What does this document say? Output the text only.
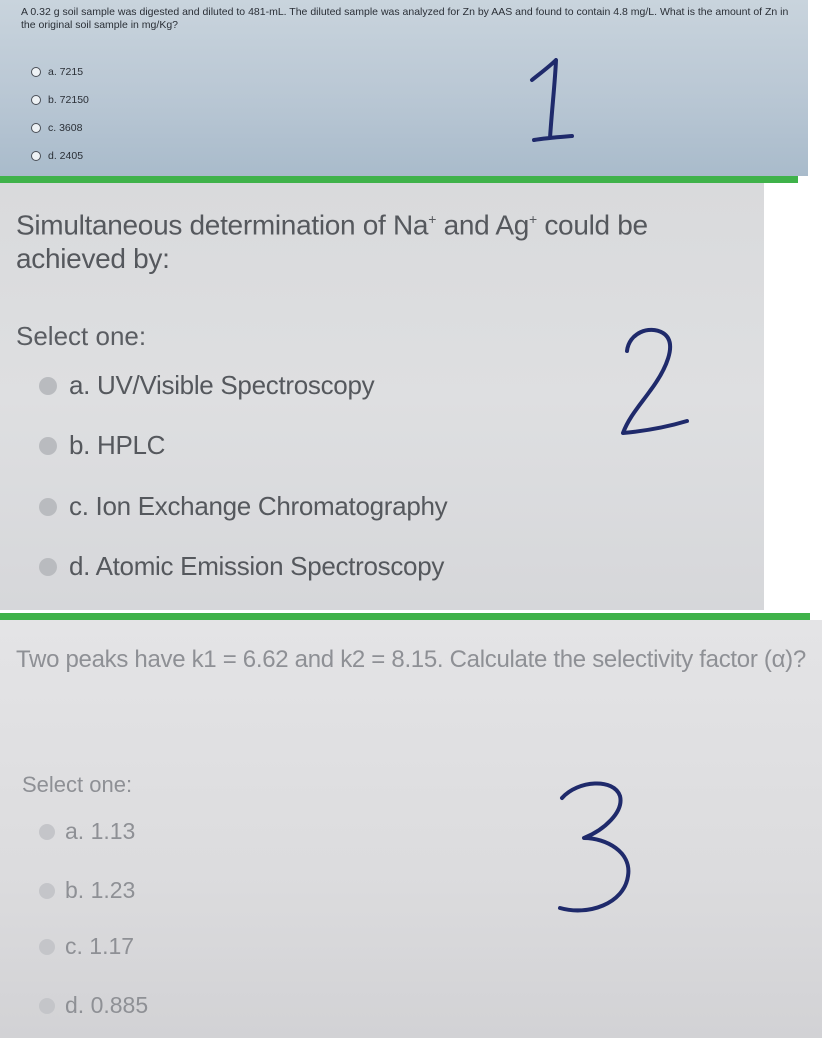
A 0.32 g soil sample was digested and diluted to 481-mL. The diluted sample was analyzed for Zn by AAS and found to contain 4.8 mg/L. What is the amount of Zn in the original soil sample in mg/Kg?
a. 7215
b. 72150
c. 3608
d. 2405
Simultaneous determination of Na+ and Ag+ could be achieved by:
Select one:
a. UV/Visible Spectroscopy
b. HPLC
c. Ion Exchange Chromatography
d. Atomic Emission Spectroscopy
Two peaks have k1 = 6.62 and k2 = 8.15. Calculate the selectivity factor (α)?
Select one:
a. 1.13
b. 1.23
c. 1.17
d. 0.885
